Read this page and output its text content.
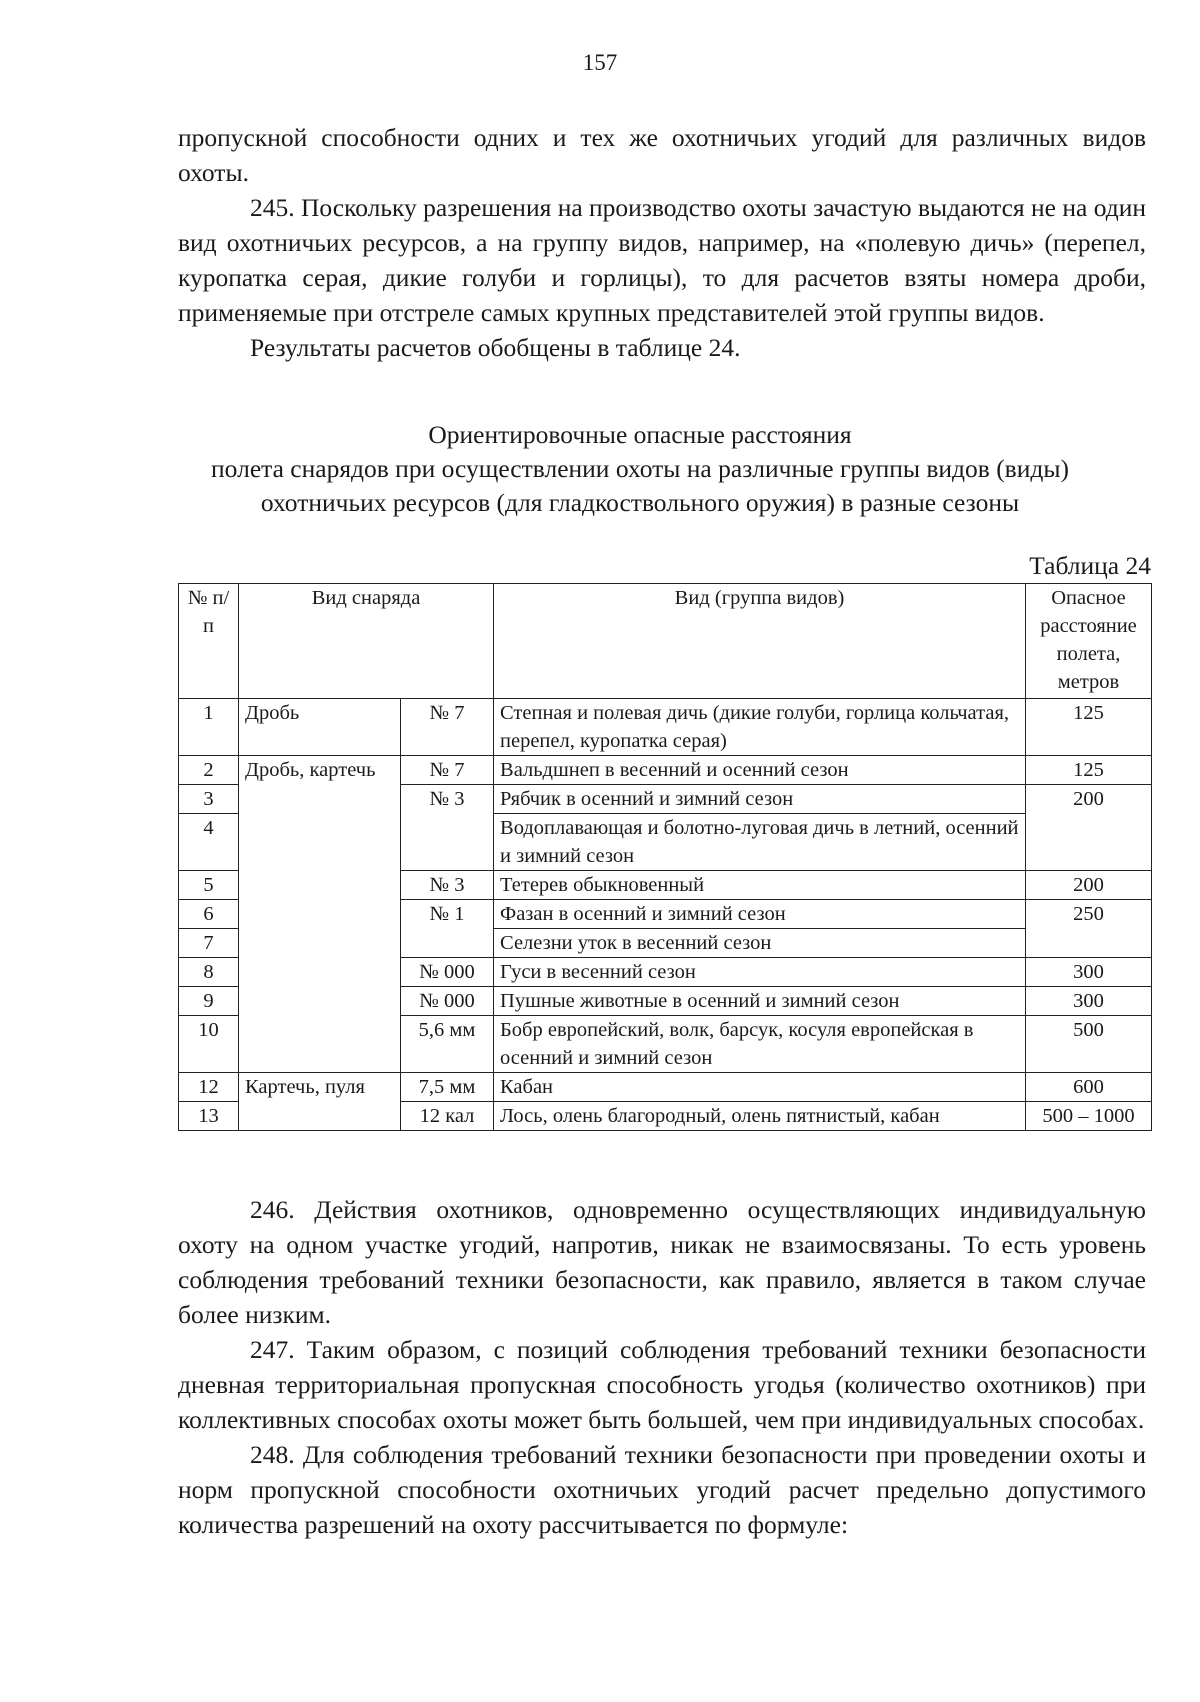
157

пропускной способности одних и тех же охотничьих угодий для различных видов охоты.

245. Поскольку разрешения на производство охоты зачастую выдаются не на один вид охотничьих ресурсов, а на группу видов, например, на «полевую дичь» (перепел, куропатка серая, дикие голуби и горлицы), то для расчетов взяты номера дроби, применяемые при отстреле самых крупных представителей этой группы видов.

Результаты расчетов обобщены в таблице 24.

Ориентировочные опасные расстояния
полета снарядов при осуществлении охоты на различные группы видов (виды)
охотничьих ресурсов (для гладкоствольного оружия) в разные сезоны
Таблица 24
№ п/п	Вид снаряда		Вид (группа видов)	Опасное расстояние полета, метров
1	Дробь	№ 7	Степная и полевая дичь (дикие голуби, горлица кольчатая, перепел, куропатка серая)	125
2	Дробь, картечь	№ 7	Вальдшнеп в весенний и осенний сезон	125
3		№ 3	Рябчик в осенний и зимний сезон	200
4			Водоплавающая и болотно-луговая дичь в летний, осенний и зимний сезон	
5		№ 3	Тетерев обыкновенный	200
6		№ 1	Фазан в осенний и зимний сезон	250
7			Селезни уток в весенний сезон	
8		№ 000	Гуси в весенний сезон	300
9		№ 000	Пушные животные в осенний и зимний сезон	300
10		5,6 мм	Бобр европейский, волк, барсук, косуля европейская в осенний и зимний сезон	500
12	Картечь, пуля	7,5 мм	Кабан	600
13		12 кал	Лось, олень благородный, олень пятнистый, кабан	500 – 1000

246. Действия охотников, одновременно осуществляющих индивидуальную охоту на одном участке угодий, напротив, никак не взаимосвязаны. То есть уровень соблюдения требований техники безопасности, как правило, является в таком случае более низким.

247. Таким образом, с позиций соблюдения требований техники безопасности дневная территориальная пропускная способность угодья (количество охотников) при коллективных способах охоты может быть большей, чем при индивидуальных способах.

248. Для соблюдения требований техники безопасности при проведении охоты и норм пропускной способности охотничьих угодий расчет предельно допустимого количества разрешений на охоту рассчитывается по формуле:
